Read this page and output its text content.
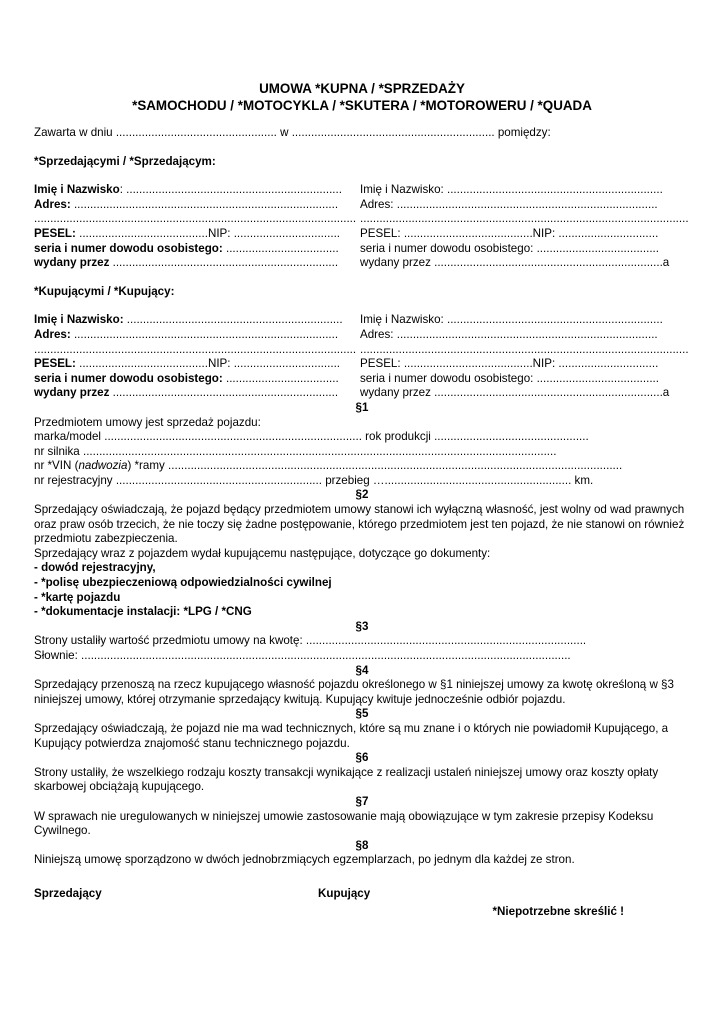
UMOWA *KUPNA / *SPRZEDAŻY
*SAMOCHODU / *MOTOCYKLA / *SKUTERA / *MOTOROWERU / *QUADA
Zawarta w dniu .................................................. w ............................................................... pomiędzy:
*Sprzedającymi / *Sprzedającym:
Imię i Nazwisko: ...................................................................	Imię i Nazwisko: ...................................................................
Adres: ..................................................................................	Adres: .................................................................................
.................................................................................................... ......................................................................................................
PESEL: ........................................NIP: .................................	PESEL: ........................................NIP: ...............................
seria i numer dowodu osobistego: ...................................	seria i numer dowodu osobistego: ......................................
wydany przez ......................................................................	wydany przez .......................................................................a
*Kupującymi / *Kupujący:
Imię i Nazwisko: ...................................................................	Imię i Nazwisko: ...................................................................
Adres: ..................................................................................	Adres: .................................................................................
.................................................................................................... ......................................................................................................
PESEL: ........................................NIP: .................................	PESEL: ........................................NIP: ...............................
seria i numer dowodu osobistego: ...................................	seria i numer dowodu osobistego: ......................................
wydany przez ......................................................................	wydany przez .......................................................................a
§1
Przedmiotem umowy jest sprzedaż pojazdu:
marka/model ................................................................................ rok produkcji ................................................
nr silnika ...................................................................................................................................................
nr *VIN (nadwozia) *ramy .............................................................................................................................................
nr rejestracyjny ................................................................ przebieg ….......................................................... km.
§2

Sprzedający oświadczają, że pojazd będący przedmiotem umowy stanowi ich wyłączną własność, jest wolny od wad prawnych oraz praw osób trzecich, że nie toczy się żadne postępowanie, którego przedmiotem jest ten pojazd, że nie stanowi on również przedmiotu zabezpieczenia.

Sprzedający wraz z pojazdem wydał kupującemu następujące, dotyczące go dokumenty:
- dowód rejestracyjny,
- *polisę ubezpieczeniową odpowiedzialności cywilnej
- *kartę pojazdu
- *dokumentacje instalacji: *LPG / *CNG
§3
Strony ustaliły wartość przedmiotu umowy na kwotę: .......................................................................................
Słownie: ........................................................................................................................................................
§4

Sprzedający przenoszą na rzecz kupującego własność pojazdu określonego w §1 niniejszej umowy za kwotę określoną w §3 niniejszej umowy, której otrzymanie sprzedający kwitują. Kupujący kwituje jednocześnie odbiór pojazdu.

§5

Sprzedający oświadczają, że pojazd nie ma wad technicznych, które są mu znane i o których nie powiadomił Kupującego, a Kupujący potwierdza znajomość stanu technicznego pojazdu.

§6

Strony ustaliły, że wszelkiego rodzaju koszty transakcji wynikające z realizacji ustaleń niniejszej umowy oraz koszty opłaty skarbowej obciążają kupującego.

§7

W sprawach nie uregulowanych w niniejszej umowie zastosowanie mają obowiązujące w tym zakresie przepisy Kodeksu Cywilnego.

§8

Niniejszą umowę sporządzono w dwóch jednobrzmiących egzemplarzach, po jednym dla każdej ze stron.

Sprzedający	Kupujący
*Niepotrzebne skreślić !
